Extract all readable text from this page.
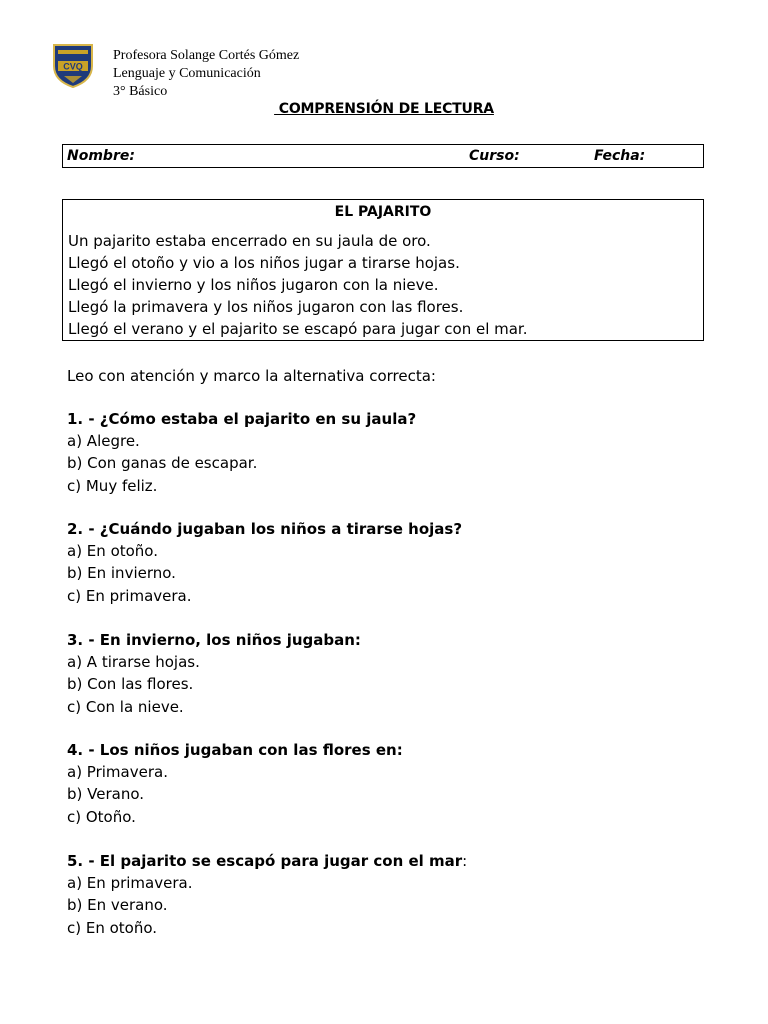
CVQ
Profesora Solange Cortés Gómez
Lenguaje y Comunicación
3° Básico
COMPRENSIÓN DE LECTURA
Nombre:	Curso:	Fecha:
EL PAJARITO
Un pajarito estaba encerrado en su jaula de oro.
Llegó el otoño y vio a los niños jugar a tirarse hojas.
Llegó el invierno y los niños jugaron con la nieve.
Llegó la primavera y los niños jugaron con las flores.
Llegó el verano y el pajarito se escapó para jugar con el mar.
Leo con atención y marco la alternativa correcta:
1. - ¿Cómo estaba el pajarito en su jaula?
a) Alegre.
b) Con ganas de escapar.
c) Muy feliz.
2. - ¿Cuándo jugaban los niños a tirarse hojas?
a) En otoño.
b) En invierno.
c) En primavera.
3. - En invierno, los niños jugaban:
a) A tirarse hojas.
b) Con las flores.
c) Con la nieve.
4. - Los niños jugaban con las flores en:
a) Primavera.
b) Verano.
c) Otoño.
5. - El pajarito se escapó para jugar con el mar:
a) En primavera.
b) En verano.
c) En otoño.
